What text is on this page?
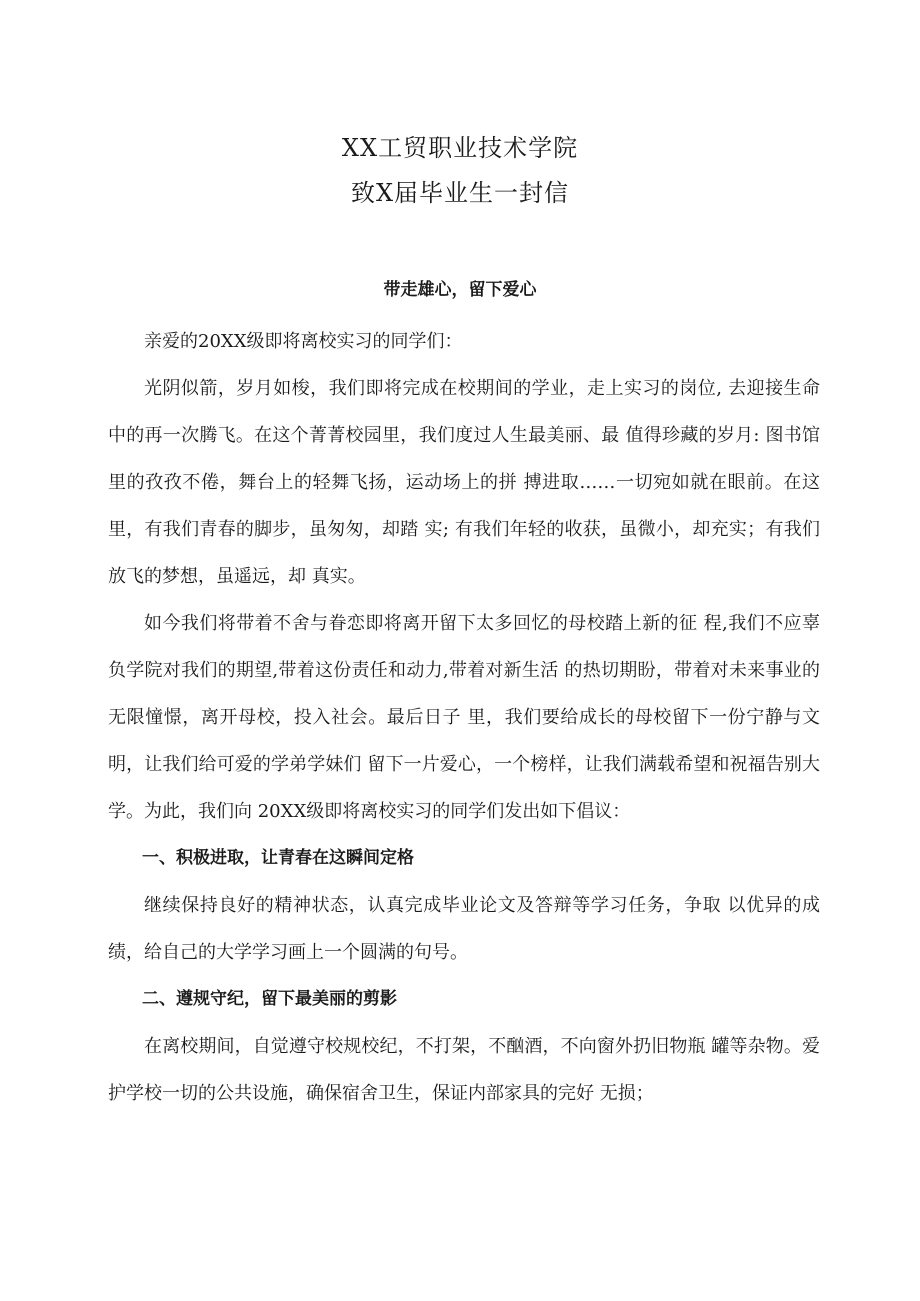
XX工贸职业技术学院
致X届毕业生一封信
带走雄心，留下爱心

亲爱的20XX级即将离校实习的同学们：

光阴似箭，岁月如梭，我们即将完成在校期间的学业，走上实习的岗位, 去迎接生命中的再一次腾飞。在这个菁菁校园里，我们度过人生最美丽、最 值得珍藏的岁月: 图书馆里的孜孜不倦，舞台上的轻舞飞扬，运动场上的拼 搏进取……一切宛如就在眼前。在这里，有我们青春的脚步，虽匆匆，却踏 实; 有我们年轻的收获，虽微小，却充实；有我们放飞的梦想，虽遥远，却 真实。

如今我们将带着不舍与眷恋即将离开留下太多回忆的母校踏上新的征 程,我们不应辜负学院对我们的期望,带着这份责任和动力,带着对新生活 的热切期盼，带着对未来事业的无限憧憬，离开母校，投入社会。最后日子 里，我们要给成长的母校留下一份宁静与文明，让我们给可爱的学弟学妹们 留下一片爱心，一个榜样，让我们满载希望和祝福告别大学。为此，我们向 20XX级即将离校实习的同学们发出如下倡议：

一、积极进取，让青春在这瞬间定格

继续保持良好的精神状态，认真完成毕业论文及答辩等学习任务，争取 以优异的成绩，给自己的大学学习画上一个圆满的句号。

二、遵规守纪，留下最美丽的剪影

在离校期间，自觉遵守校规校纪，不打架，不酗酒，不向窗外扔旧物瓶 罐等杂物。爱护学校一切的公共设施，确保宿舍卫生，保证内部家具的完好 无损；
